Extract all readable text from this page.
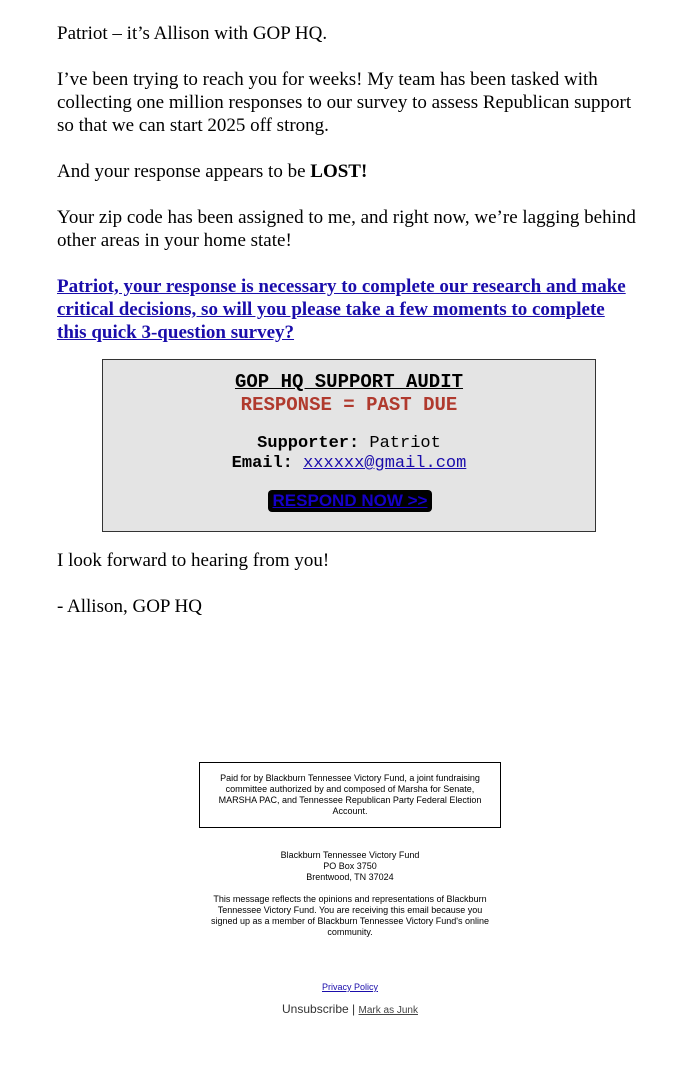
Patriot – it’s Allison with GOP HQ.

I’ve been trying to reach you for weeks! My team has been tasked with collecting one million responses to our survey to assess Republican support so that we can start 2025 off strong.

And your response appears to be LOST!

Your zip code has been assigned to me, and right now, we’re lagging behind other areas in your home state!

Patriot, your response is necessary to complete our research and make critical decisions, so will you please take a few moments to complete this quick 3-question survey?

GOP HQ SUPPORT AUDIT
RESPONSE = PAST DUE
Supporter: Patriot
Email: xxxxxx@gmail.com
RESPOND NOW >>

I look forward to hearing from you!

- Allison, GOP HQ

Paid for by Blackburn Tennessee Victory Fund, a joint fundraising committee authorized by and composed of Marsha for Senate, MARSHA PAC, and Tennessee Republican Party Federal Election Account.
Blackburn Tennessee Victory Fund
PO Box 3750
Brentwood, TN 37024
This message reflects the opinions and representations of Blackburn Tennessee Victory Fund. You are receiving this email because you signed up as a member of Blackburn Tennessee Victory Fund's online community.
Privacy Policy
Unsubscribe | Mark as Junk
